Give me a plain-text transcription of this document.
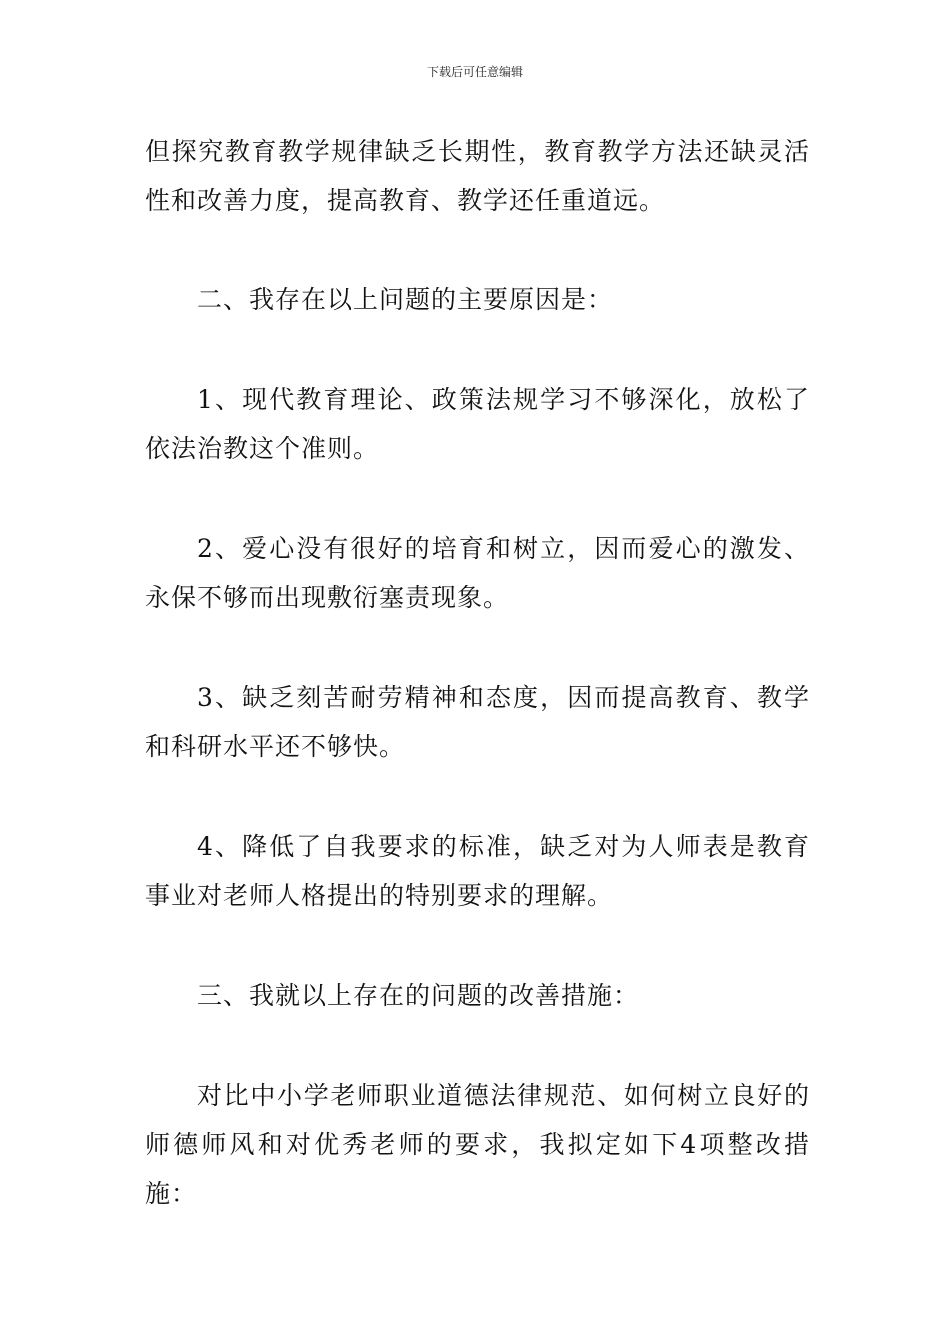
下载后可任意编辑

但探究教育教学规律缺乏长期性，教育教学方法还缺灵活性和改善力度，提高教育、教学还任重道远。

二、我存在以上问题的主要原因是：

1、现代教育理论、政策法规学习不够深化，放松了依法治教这个准则。

2、爱心没有很好的培育和树立，因而爱心的激发、永保不够而出现敷衍塞责现象。

3、缺乏刻苦耐劳精神和态度，因而提高教育、教学和科研水平还不够快。

4、降低了自我要求的标准，缺乏对为人师表是教育事业对老师人格提出的特别要求的理解。

三、我就以上存在的问题的改善措施：

对比中小学老师职业道德法律规范、如何树立良好的师德师风和对优秀老师的要求，我拟定如下4项整改措施：
